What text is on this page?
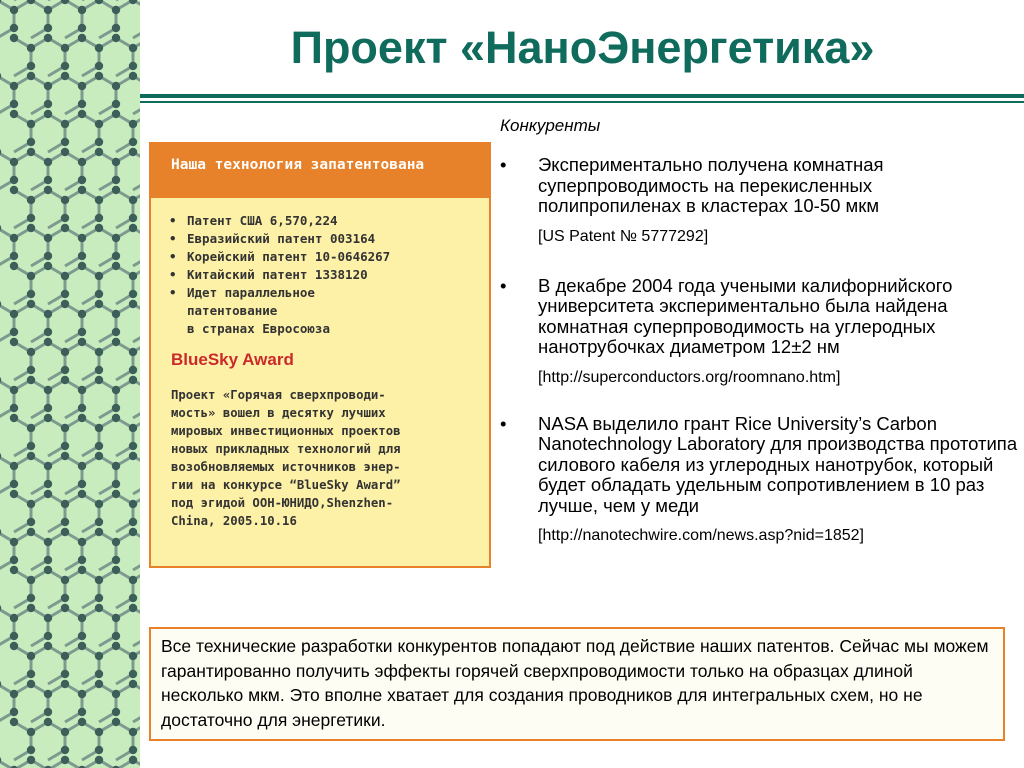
Проект «НаноЭнергетика»
Наша технология запатентована
• Патент США 6,570,224
• Евразийский патент 003164
• Корейский патент 10-0646267
• Китайский патент 1338120
• Идет параллельное
патентование
в странах Евросоюза
BlueSky Award
Проект «Горячая сверхпроводи-
мость» вошел в десятку лучших
мировых инвестиционных проектов
новых прикладных технологий для
возобновляемых источников энер-
гии на конкурсе “BlueSky Award”
под эгидой ООН-ЮНИДО,Shenzhen-
China, 2005.10.16
Конкуренты
• Экспериментально получена комнатная суперпроводимость на перекисленных полипропиленах в кластерах 10-50 мкм
[US Patent № 5777292]
• В декабре 2004 года учеными калифорнийского университета экспериментально была найдена комнатная суперпроводимость на углеродных нанотрубочках диаметром 12±2 нм
[http://superconductors.org/roomnano.htm]
• NASA выделило грант Rice University’s Carbon Nanotechnology Laboratory для производства прототипа силового кабеля из углеродных нанотрубок, который будет обладать удельным сопротивлением в 10 раз лучше, чем у меди
[http://nanotechwire.com/news.asp?nid=1852]
Все технические разработки конкурентов попадают под действие наших патентов. Сейчас мы можем гарантированно получить эффекты горячей сверхпроводимости только на образцах длиной несколько мкм. Это вполне хватает для создания проводников для интегральных схем, но не достаточно для энергетики.
